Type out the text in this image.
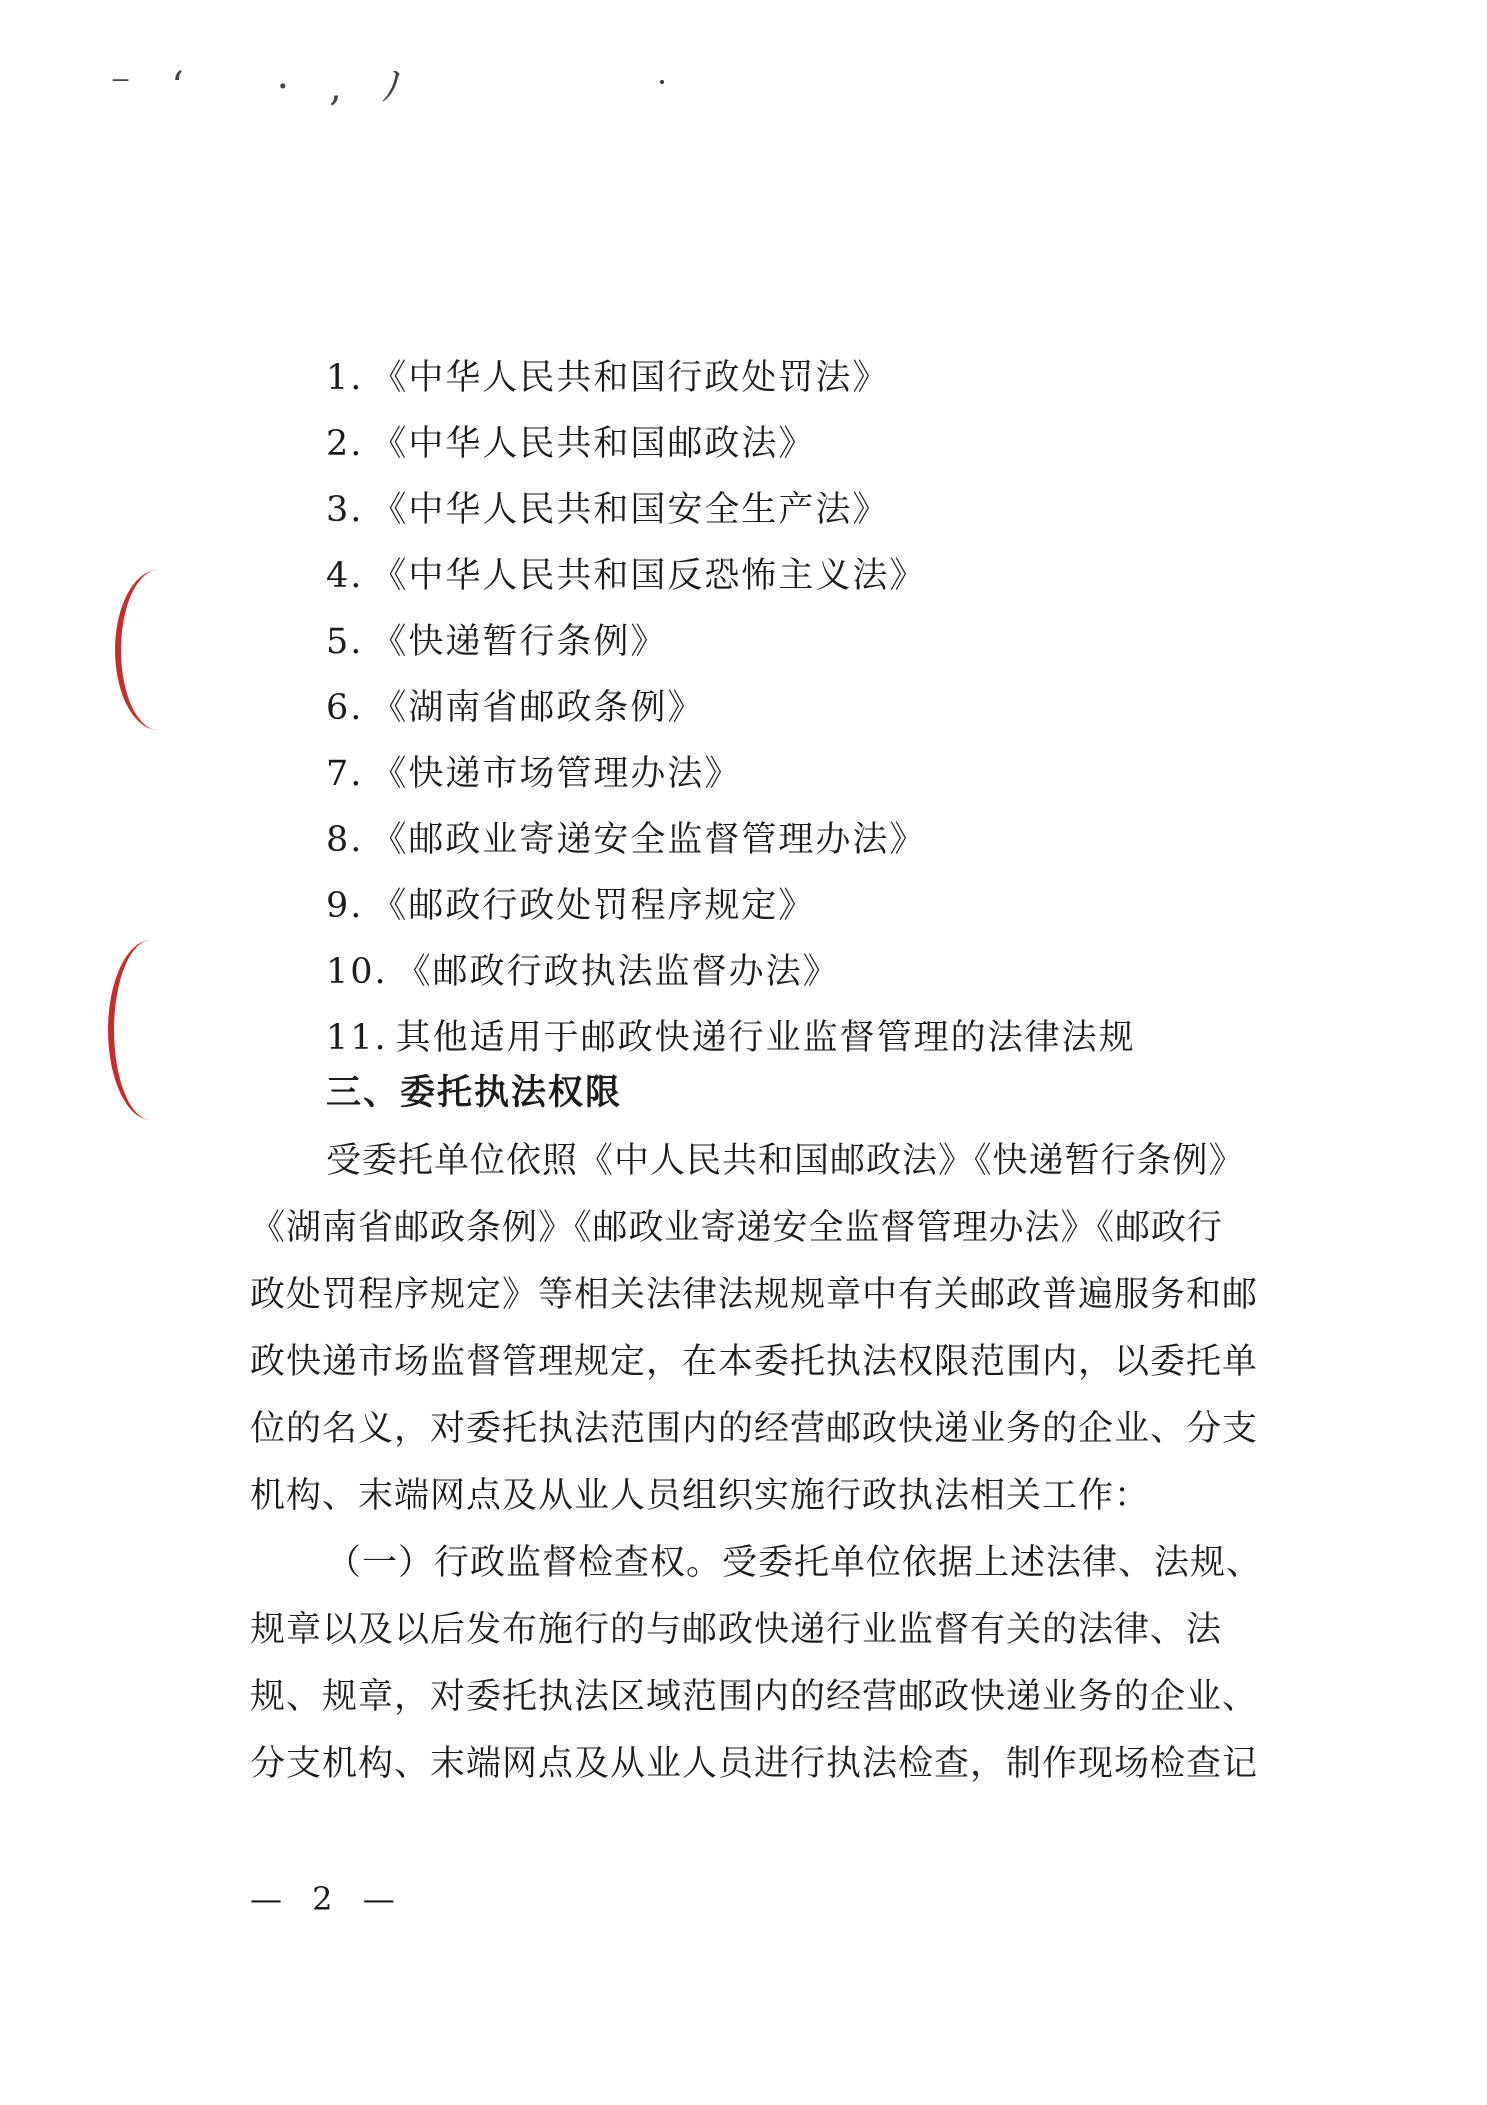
⁻ʻ ·,ﾉ
1. 《中华人民共和国行政处罚法》
2. 《中华人民共和国邮政法》
3. 《中华人民共和国安全生产法》
4. 《中华人民共和国反恐怖主义法》
5. 《快递暂行条例》
6. 《湖南省邮政条例》
7. 《快递市场管理办法》
8. 《邮政业寄递安全监督管理办法》
9. 《邮政行政处罚程序规定》
10. 《邮政行政执法监督办法》
11. 其他适用于邮政快递行业监督管理的法律法规
三、委托执法权限
受委托单位依照《中人民共和国邮政法》《快递暂行条例》
《湖南省邮政条例》《邮政业寄递安全监督管理办法》《邮政行
政处罚程序规定》等相关法律法规规章中有关邮政普遍服务和邮
政快递市场监督管理规定，在本委托执法权限范围内，以委托单
位的名义，对委托执法范围内的经营邮政快递业务的企业、分支
机构、末端网点及从业人员组织实施行政执法相关工作：
（一）行政监督检查权。受委托单位依据上述法律、法规、
规章以及以后发布施行的与邮政快递行业监督有关的法律、法
规、规章，对委托执法区域范围内的经营邮政快递业务的企业、
分支机构、末端网点及从业人员进行执法检查，制作现场检查记
— 2 —
